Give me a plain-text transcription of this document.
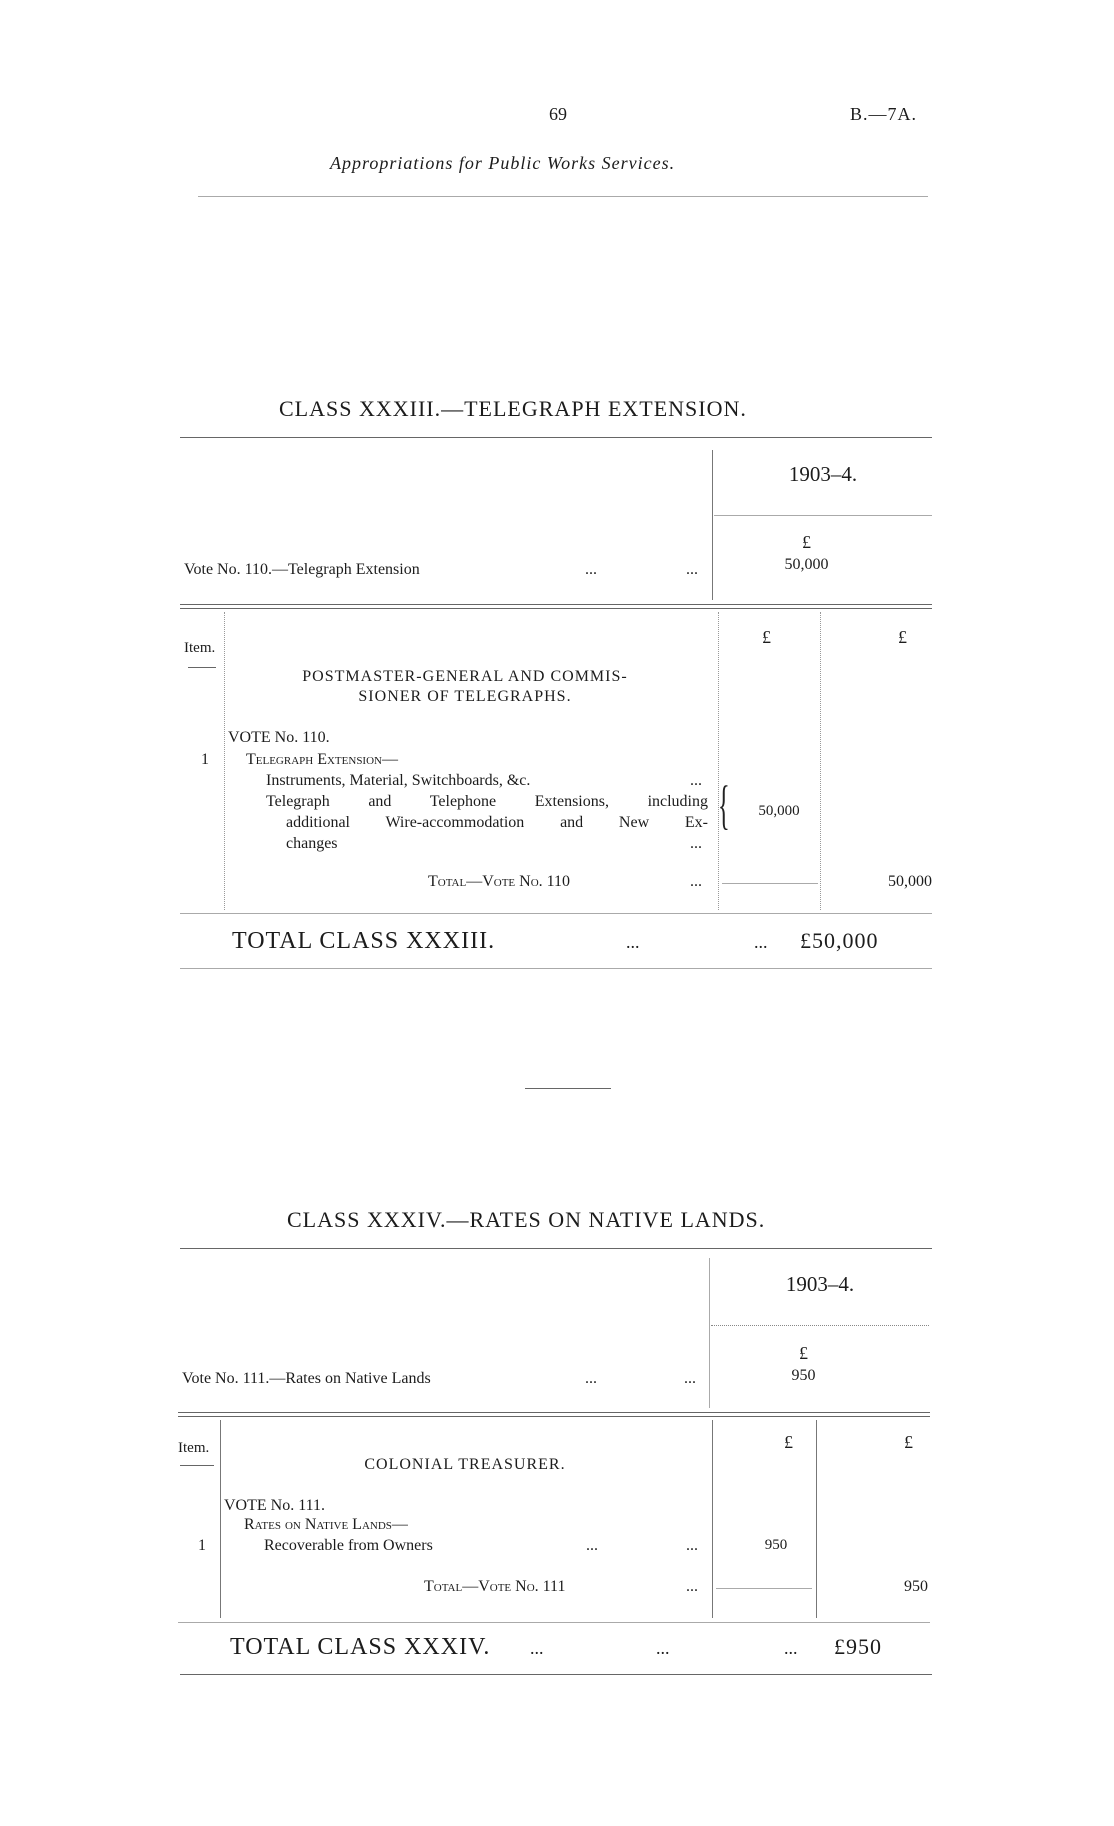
69	B.—7A.
Appropriations for Public Works Services.
CLASS XXXIII.—TELEGRAPH EXTENSION.
1903–4.
£
Vote No. 110.—Telegraph Extension	...	...	50,000
Item.
£	£
POSTMASTER-GENERAL AND COMMIS-
SIONER OF TELEGRAPHS.
VOTE No. 110.
1 Telegraph Extension—
Instruments, Material, Switchboards, &c.	...
Telegraph and Telephone Extensions, including
additional Wire-accommodation and New Ex-
changes	...
{	50,000
Total—Vote No. 110	...	50,000
TOTAL CLASS XXXIII.	...	... £50,000
CLASS XXXIV.—RATES ON NATIVE LANDS.
1903–4.
£
Vote No. 111.—Rates on Native Lands	...	...	950
Item.	£	£
COLONIAL TREASURER.
VOTE No. 111.
Rates on Native Lands—
1	Recoverable from Owners	...	...	950
Total—Vote No. 111	...	950
TOTAL CLASS XXXIV. ...	...	... £950
